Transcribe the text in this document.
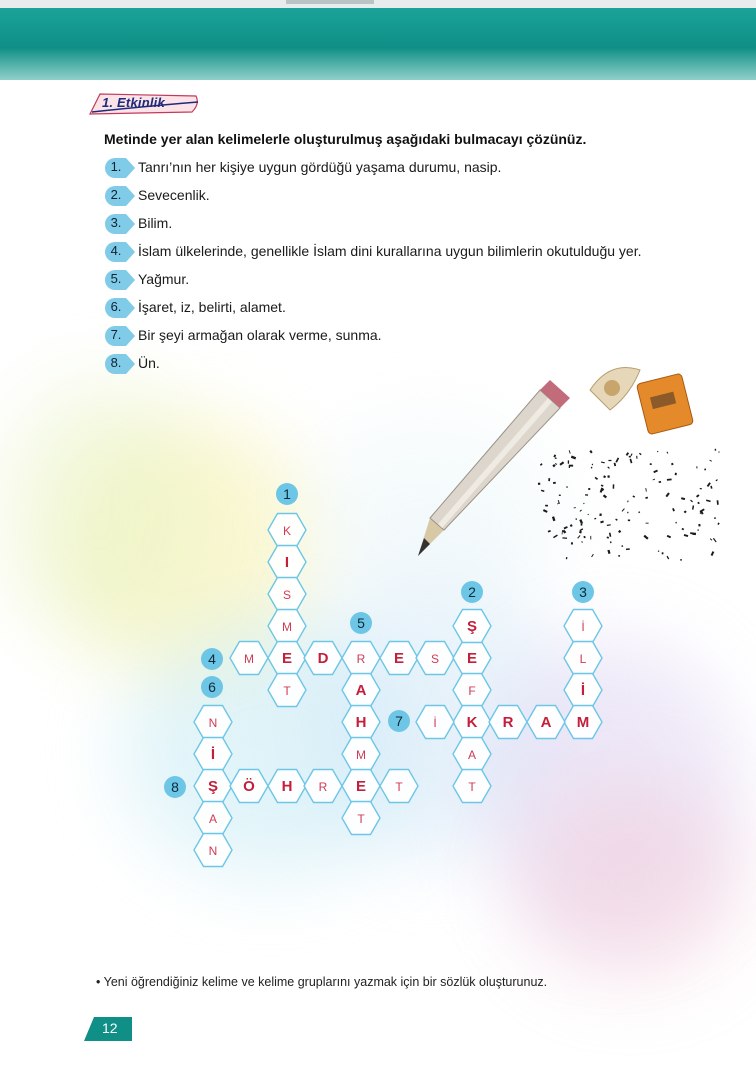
1. Etkinlik
Metinde yer alan kelimelerle oluşturulmuş aşağıdaki bulmacayı çözünüz.
1.	Tanrı’nın her kişiye uygun gördüğü yaşama durumu, nasip.
2.	Sevecenlik.
3.	Bilim.
4.	İslam ülkelerinde, genellikle İslam dini kurallarına uygun bilimlerin okutulduğu yer.
5.	Yağmur.
6.	İşaret, iz, belirti, alamet.
7.	Bir şeyi armağan olarak verme, sunma.
8.	Ün.
K
I
S
M
E
T
M	D R E S E
Ş
F
K
A
T
İ
L
İ
M
A
H
M
E
T
İ	R A
N
İ
Ş
A
N
Ö H R	T
1
2	3
4
5
6
7
8
• Yeni öğrendiğiniz kelime ve kelime gruplarını yazmak için bir sözlük oluşturunuz.
12
